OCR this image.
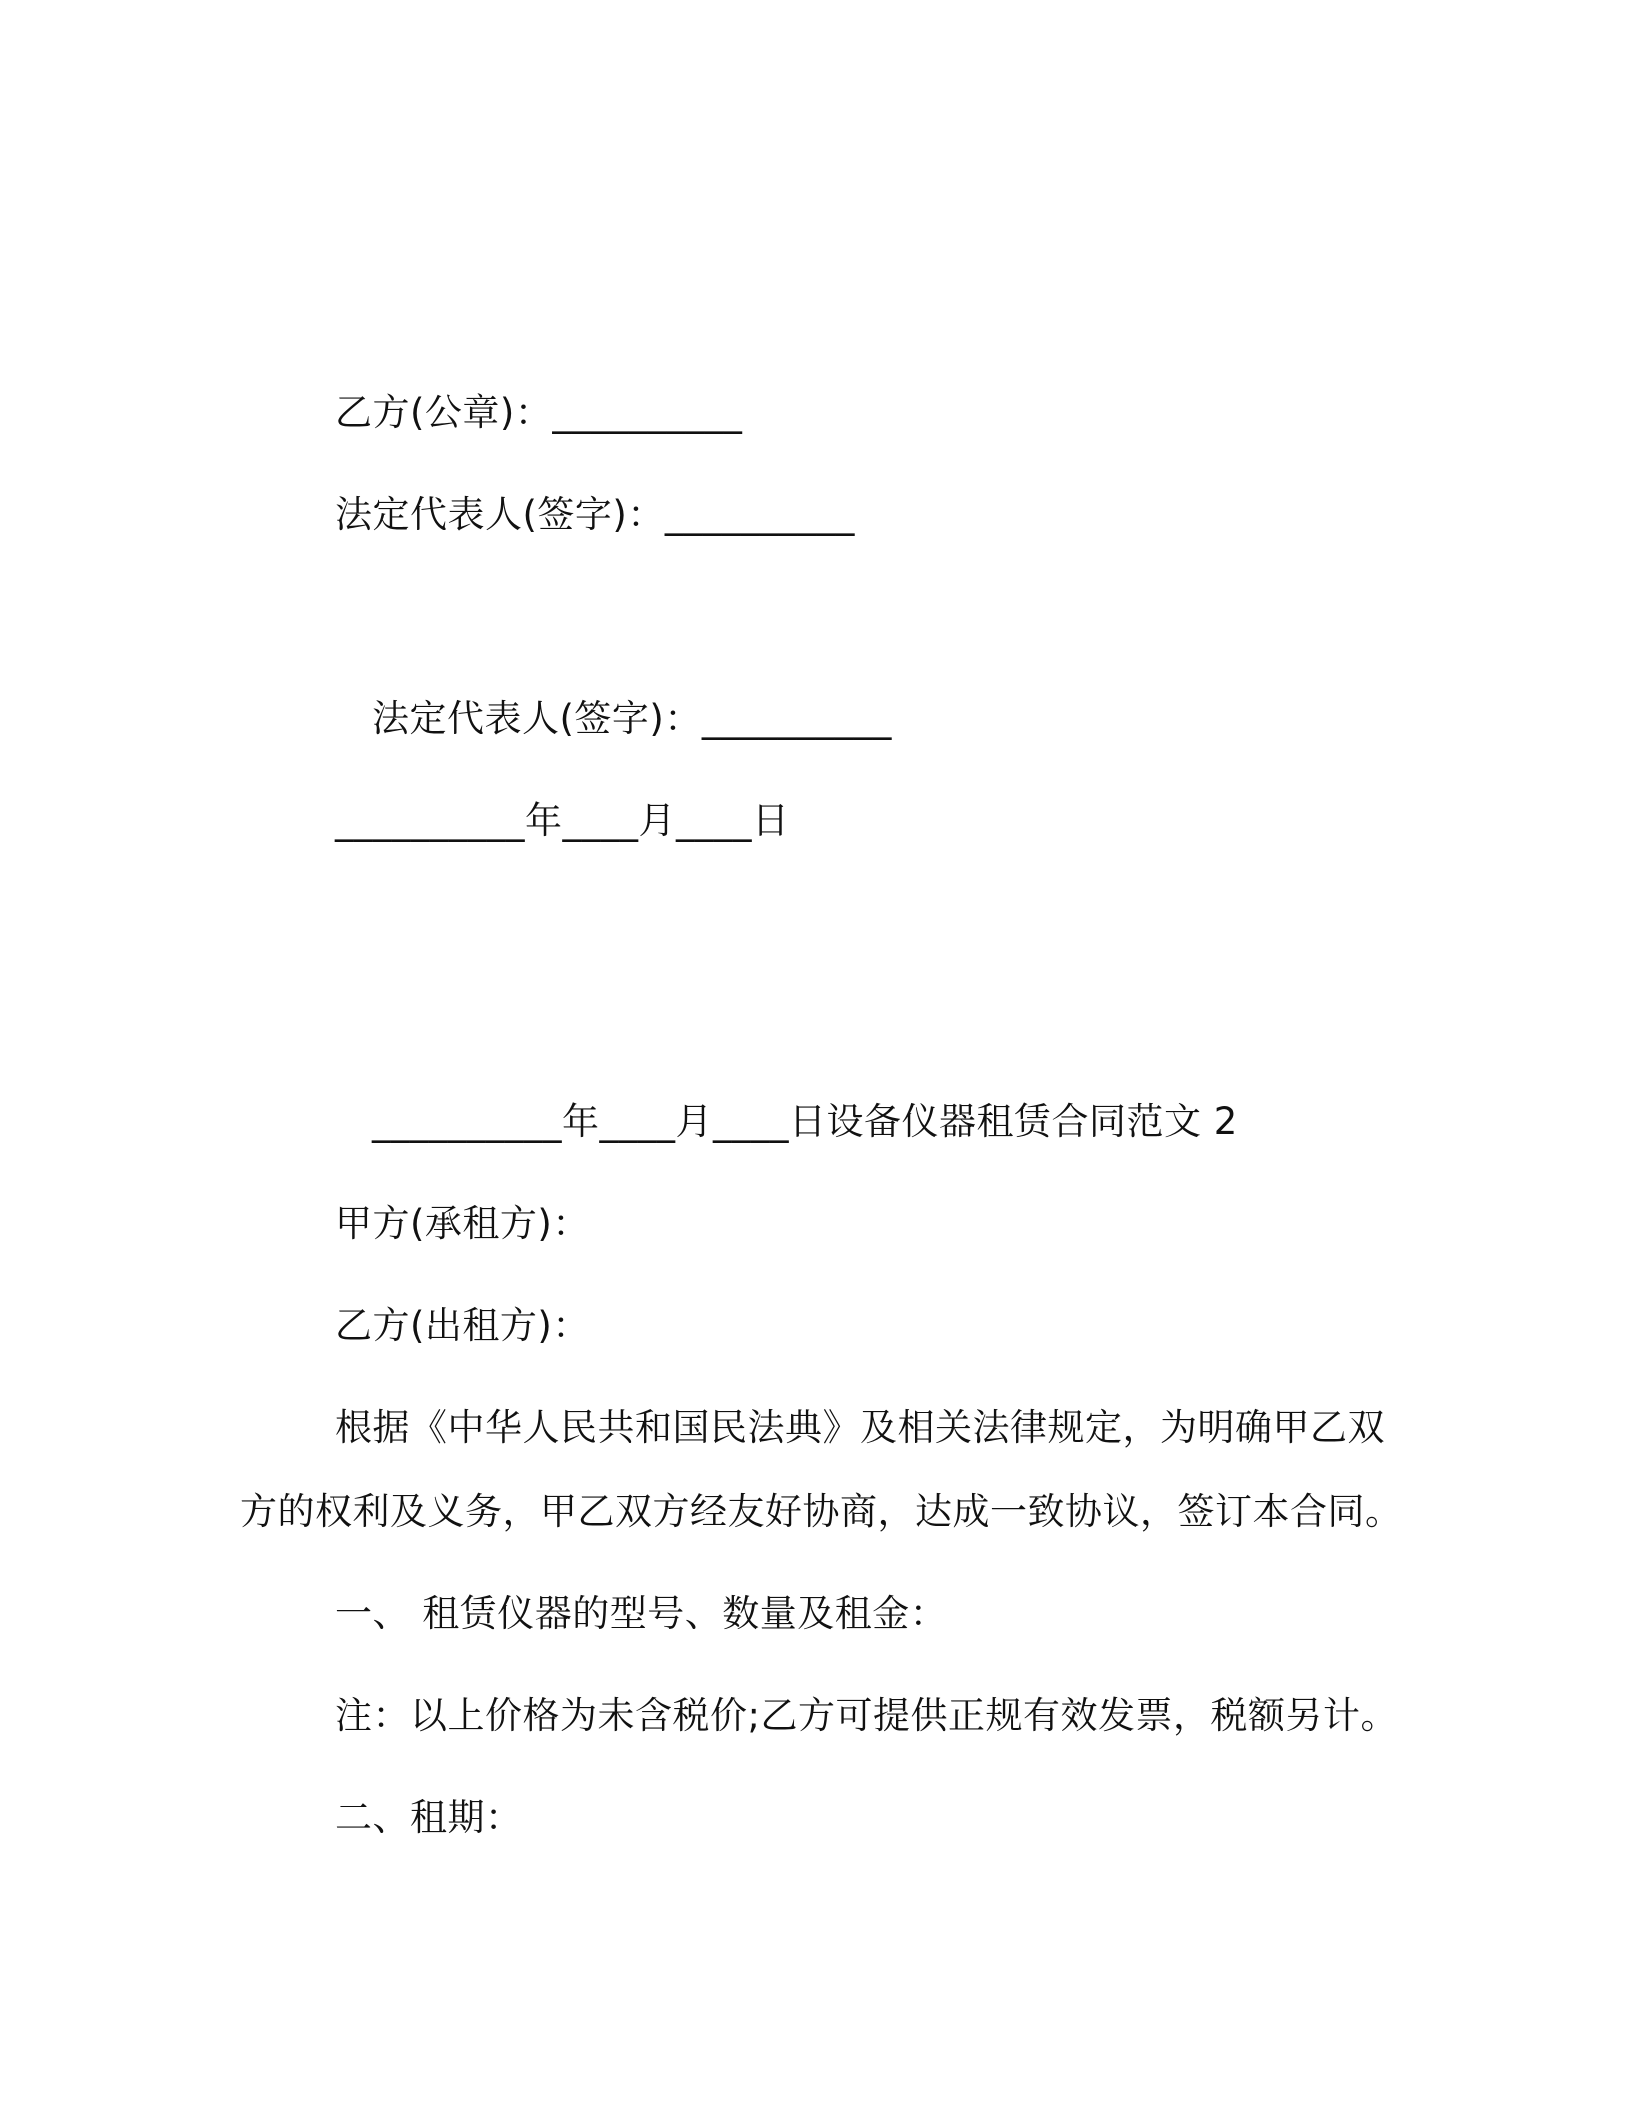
乙方(公章)：__________
法定代表人(签字)：__________
法定代表人(签字)：__________
__________年____月____日
__________年____月____日设备仪器租赁合同范文 2
甲方(承租方)：
乙方(出租方)：
根据《中华人民共和国民法典》及相关法律规定，为明确甲乙双
方的权利及义务，甲乙双方经友好协商，达成一致协议，签订本合同。
一、 租赁仪器的型号、数量及租金：
注：以上价格为未含税价;乙方可提供正规有效发票，税额另计。
二、租期：
